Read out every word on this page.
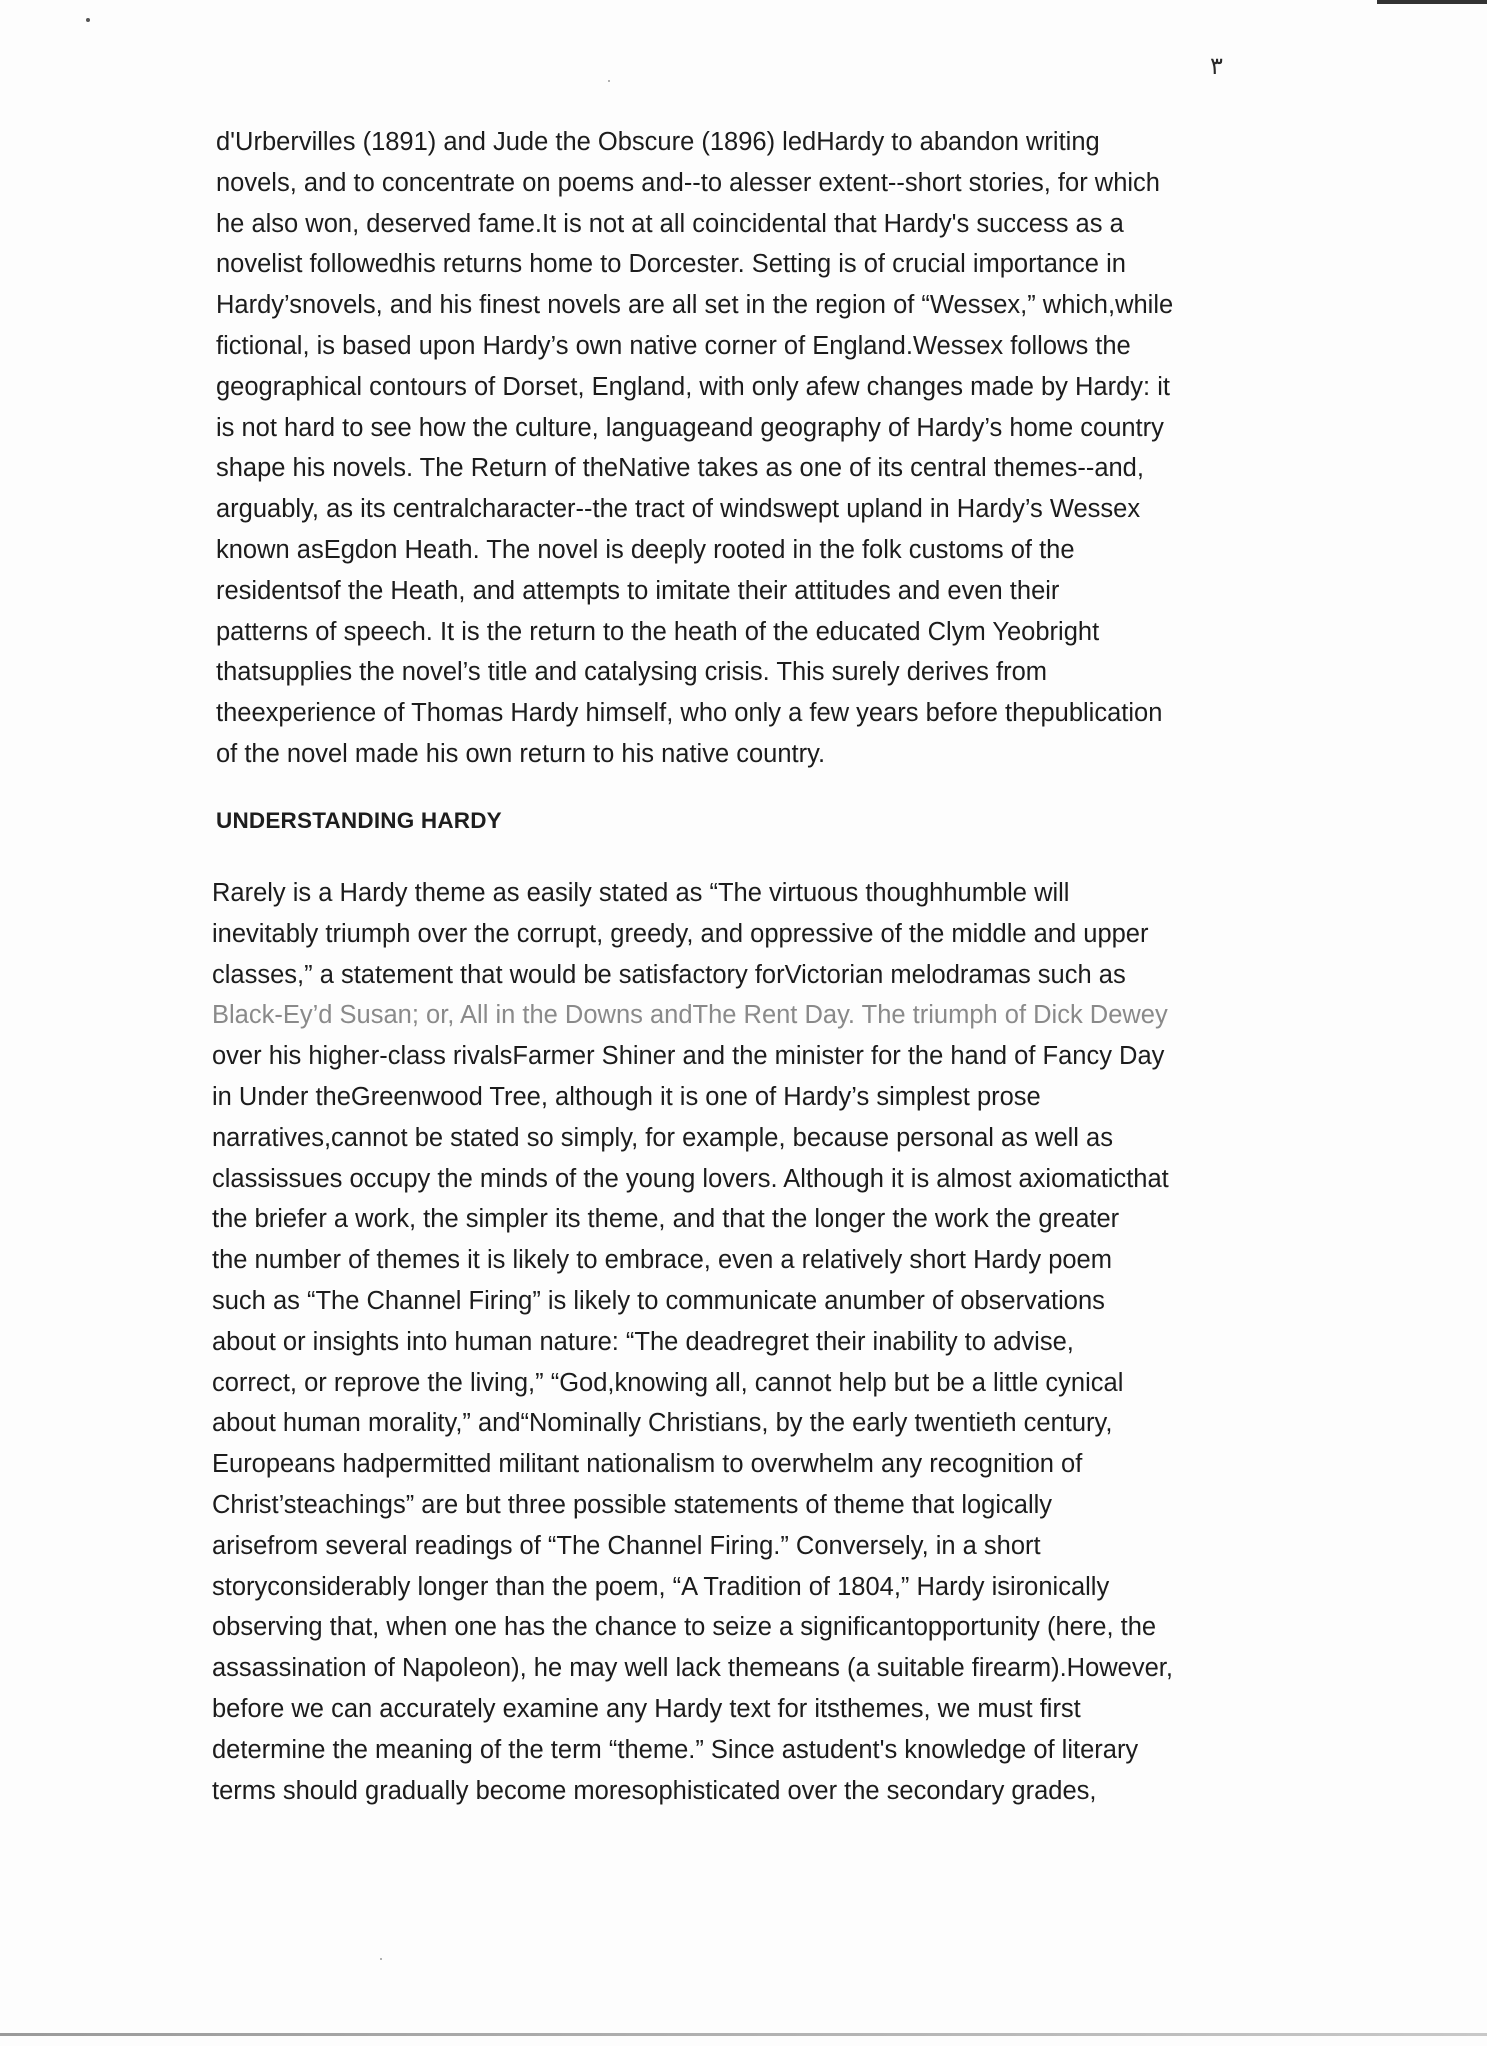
٣
d'Urbervilles (1891) and Jude the Obscure (1896) ledHardy to abandon writing
novels, and to concentrate on poems and--to alesser extent--short stories, for which
he also won, deserved fame.It is not at all coincidental that Hardy's success as a
novelist followedhis returns home to Dorcester. Setting is of crucial importance in
Hardy’snovels, and his finest novels are all set in the region of “Wessex,” which,while
fictional, is based upon Hardy’s own native corner of England.Wessex follows the
geographical contours of Dorset, England, with only afew changes made by Hardy: it
is not hard to see how the culture, languageand geography of Hardy’s home country
shape his novels. The Return of theNative takes as one of its central themes--and,
arguably, as its centralcharacter--the tract of windswept upland in Hardy’s Wessex
known asEgdon Heath. The novel is deeply rooted in the folk customs of the
residentsof the Heath, and attempts to imitate their attitudes and even their
patterns of speech. It is the return to the heath of the educated Clym Yeobright
thatsupplies the novel’s title and catalysing crisis. This surely derives from
theexperience of Thomas Hardy himself, who only a few years before thepublication
of the novel made his own return to his native country.
UNDERSTANDING HARDY
Rarely is a Hardy theme as easily stated as “The virtuous thoughhumble will
inevitably triumph over the corrupt, greedy, and oppressive of the middle and upper
classes,” a statement that would be satisfactory forVictorian melodramas such as
Black-Ey’d Susan; or, All in the Downs andThe Rent Day. The triumph of Dick Dewey
over his higher-class rivalsFarmer Shiner and the minister for the hand of Fancy Day
in Under theGreenwood Tree, although it is one of Hardy’s simplest prose
narratives,cannot be stated so simply, for example, because personal as well as
classissues occupy the minds of the young lovers. Although it is almost axiomaticthat
the briefer a work, the simpler its theme, and that the longer the work the greater
the number of themes it is likely to embrace, even a relatively short Hardy poem
such as “The Channel Firing” is likely to communicate anumber of observations
about or insights into human nature: “The deadregret their inability to advise,
correct, or reprove the living,” “God,knowing all, cannot help but be a little cynical
about human morality,” and“Nominally Christians, by the early twentieth century,
Europeans hadpermitted militant nationalism to overwhelm any recognition of
Christ’steachings” are but three possible statements of theme that logically
arisefrom several readings of “The Channel Firing.” Conversely, in a short
storyconsiderably longer than the poem, “A Tradition of 1804,” Hardy isironically
observing that, when one has the chance to seize a significantopportunity (here, the
assassination of Napoleon), he may well lack themeans (a suitable firearm).However,
before we can accurately examine any Hardy text for itsthemes, we must first
determine the meaning of the term “theme.” Since astudent's knowledge of literary
terms should gradually become moresophisticated over the secondary grades,
